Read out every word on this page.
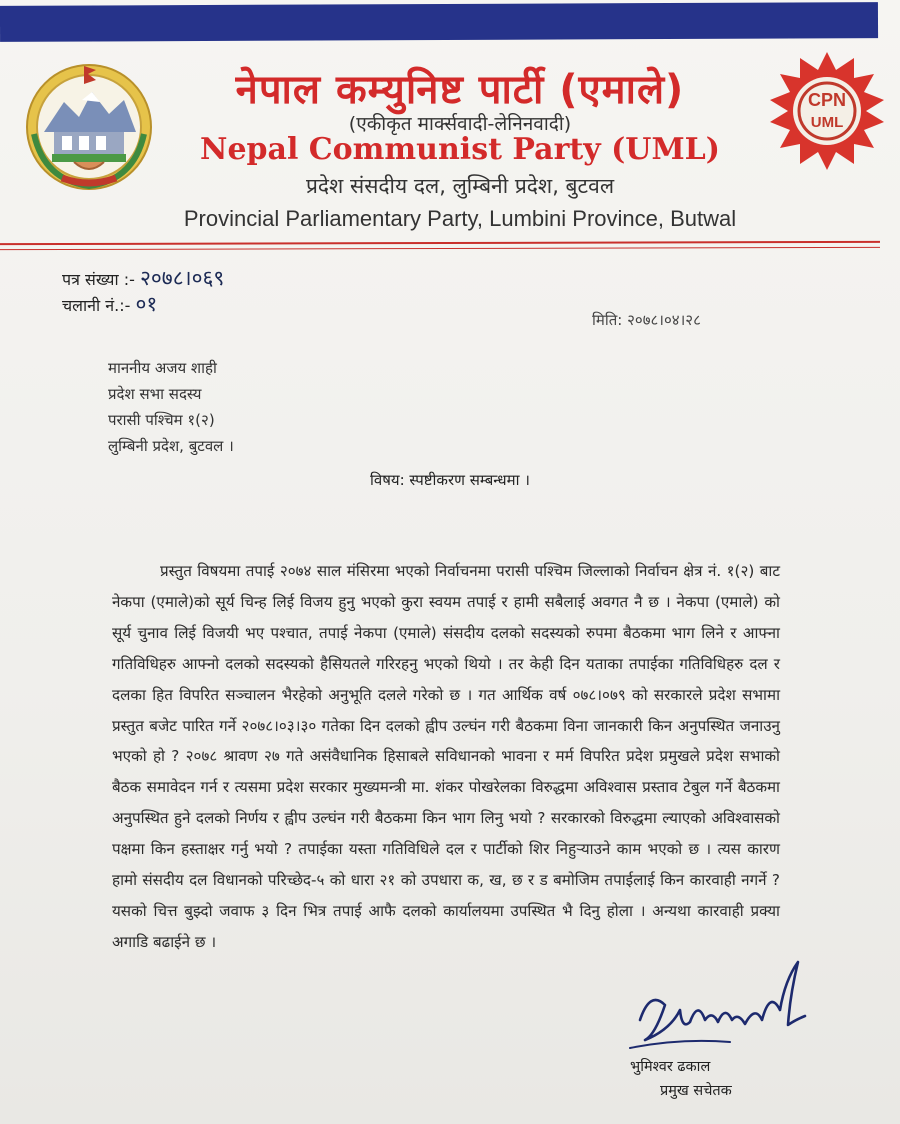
CPN
UML
नेपाल कम्युनिष्ट पार्टी (एमाले)
(एकीकृत मार्क्सवादी-लेनिनवादी)
Nepal Communist Party (UML)
प्रदेश संसदीय दल, लुम्बिनी प्रदेश, बुटवल
Provincial Parliamentary Party, Lumbini Province, Butwal
पत्र संख्या :- २०७८।०६९
चलानी नं.:- ०१
मिति: २०७८।०४।२८
माननीय अजय शाही
प्रदेश सभा सदस्य
परासी पश्चिम १(२)
लुम्बिनी प्रदेश, बुटवल ।
विषय: स्पष्टीकरण सम्बन्धमा ।
प्रस्तुत विषयमा तपाई २०७४ साल मंसिरमा भएको निर्वाचनमा परासी पश्चिम जिल्लाको निर्वाचन क्षेत्र नं. १(२) बाट नेकपा (एमाले)को सूर्य चिन्ह लिई विजय हुनु भएको कुरा स्वयम तपाई र हामी सबैलाई अवगत नै छ । नेकपा (एमाले) को सूर्य चुनाव लिई विजयी भए पश्चात, तपाई नेकपा (एमाले) संसदीय दलको सदस्यको रुपमा बैठकमा भाग लिने र आफ्ना गतिविधिहरु आफ्नो दलको सदस्यको हैसियतले गरिरहनु भएको थियो । तर केही दिन यताका तपाईका गतिविधिहरु दल र दलका हित विपरित सञ्चालन भैरहेको अनुभूति दलले गरेको छ । गत आर्थिक वर्ष ०७८।०७९ को सरकारले प्रदेश सभामा प्रस्तुत बजेट पारित गर्ने २०७८।०३।३० गतेका दिन दलको ह्वीप उल्घंन गरी बैठकमा विना जानकारी किन अनुपस्थित जनाउनु भएको हो ? २०७८ श्रावण २७ गते असंवैधानिक हिसाबले सविधानको भावना र मर्म विपरित प्रदेश प्रमुखले प्रदेश सभाको बैठक समावेदन गर्न र त्यसमा प्रदेश सरकार मुख्यमन्त्री मा. शंकर पोखरेलका विरुद्धमा अविश्वास प्रस्ताव टेबुल गर्ने बैठकमा अनुपस्थित हुने दलको निर्णय र ह्वीप उल्घंन गरी बैठकमा किन भाग लिनु भयो ? सरकारको विरुद्धमा ल्याएको अविश्वासको पक्षमा किन हस्ताक्षर गर्नु भयो ? तपाईका यस्ता गतिविधिले दल र पार्टीको शिर निहुऱ्याउने काम भएको छ । त्यस कारण हामो संसदीय दल विधानको परिच्छेद-५ को धारा २१ को उपधारा क, ख, छ र ड बमोजिम तपाईलाई किन कारवाही नगर्ने ? यसको चित्त बुझ्दो जवाफ ३ दिन भित्र तपाई आफै दलको कार्यालयमा उपस्थित भै दिनु होला । अन्यथा कारवाही प्रक्या अगाडि बढाईने छ ।
भुमिश्वर ढकाल
प्रमुख सचेतक
